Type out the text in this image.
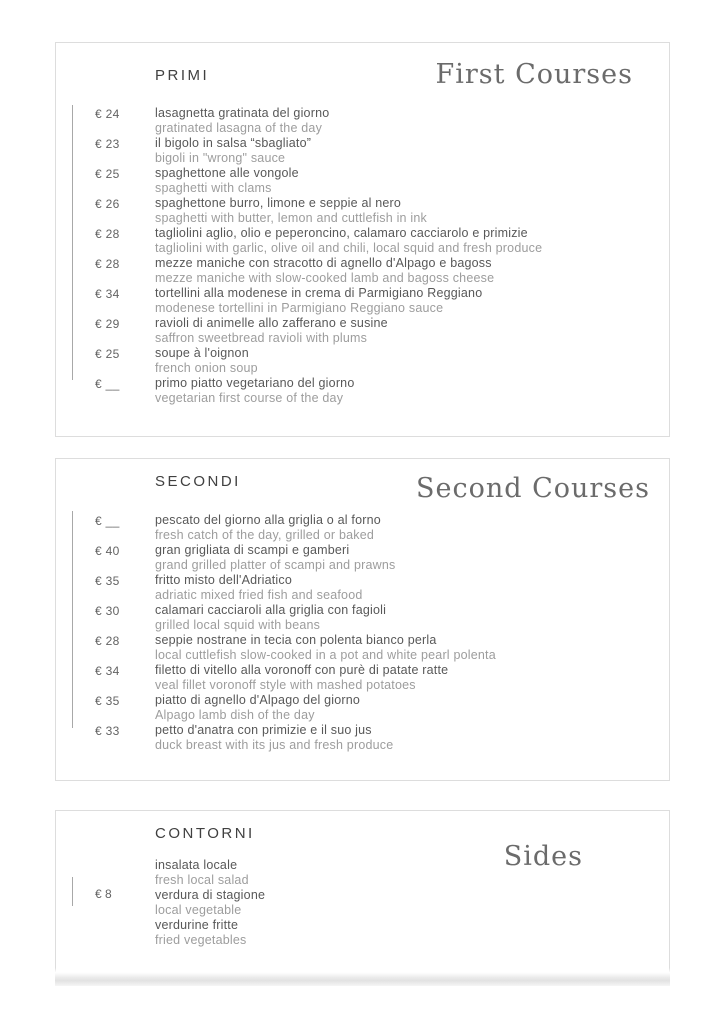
PRIMI	First Courses
€ 24	lasagnetta gratinata del giorno
gratinated lasagna of the day
€ 23	il bigolo in salsa “sbagliato”
bigoli in "wrong" sauce
€ 25	spaghettone alle vongole
spaghetti with clams
€ 26	spaghettone burro, limone e seppie al nero
spaghetti with butter, lemon and cuttlefish in ink
€ 28	tagliolini aglio, olio e peperoncino, calamaro cacciarolo e primizie
tagliolini with garlic, olive oil and chili, local squid and fresh produce
€ 28	mezze maniche con stracotto di agnello d'Alpago e bagoss
mezze maniche with slow-cooked lamb and bagoss cheese
€ 34	tortellini alla modenese in crema di Parmigiano Reggiano
modenese tortellini in Parmigiano Reggiano sauce
€ 29	ravioli di animelle allo zafferano e susine
saffron sweetbread ravioli with plums
€ 25	soupe à l'oignon
french onion soup
€ __	primo piatto vegetariano del giorno
vegetarian first course of the day
SECONDI	Second Courses
€ __	pescato del giorno alla griglia o al forno
fresh catch of the day, grilled or baked
€ 40	gran grigliata di scampi e gamberi
grand grilled platter of scampi and prawns
€ 35	fritto misto dell'Adriatico
adriatic mixed fried fish and seafood
€ 30	calamari cacciaroli alla griglia con fagioli
grilled local squid with beans
€ 28	seppie nostrane in tecia con polenta bianco perla
local cuttlefish slow-cooked in a pot and white pearl polenta
€ 34	filetto di vitello alla voronoff con purè di patate ratte
veal fillet voronoff style with mashed potatoes
€ 35	piatto di agnello d'Alpago del giorno
Alpago lamb dish of the day
€ 33	petto d'anatra con primizie e il suo jus
duck breast with its jus and fresh produce
CONTORNI
Sides
€ 8
insalata locale
fresh local salad
verdura di stagione
local vegetable
verdurine fritte
fried vegetables
